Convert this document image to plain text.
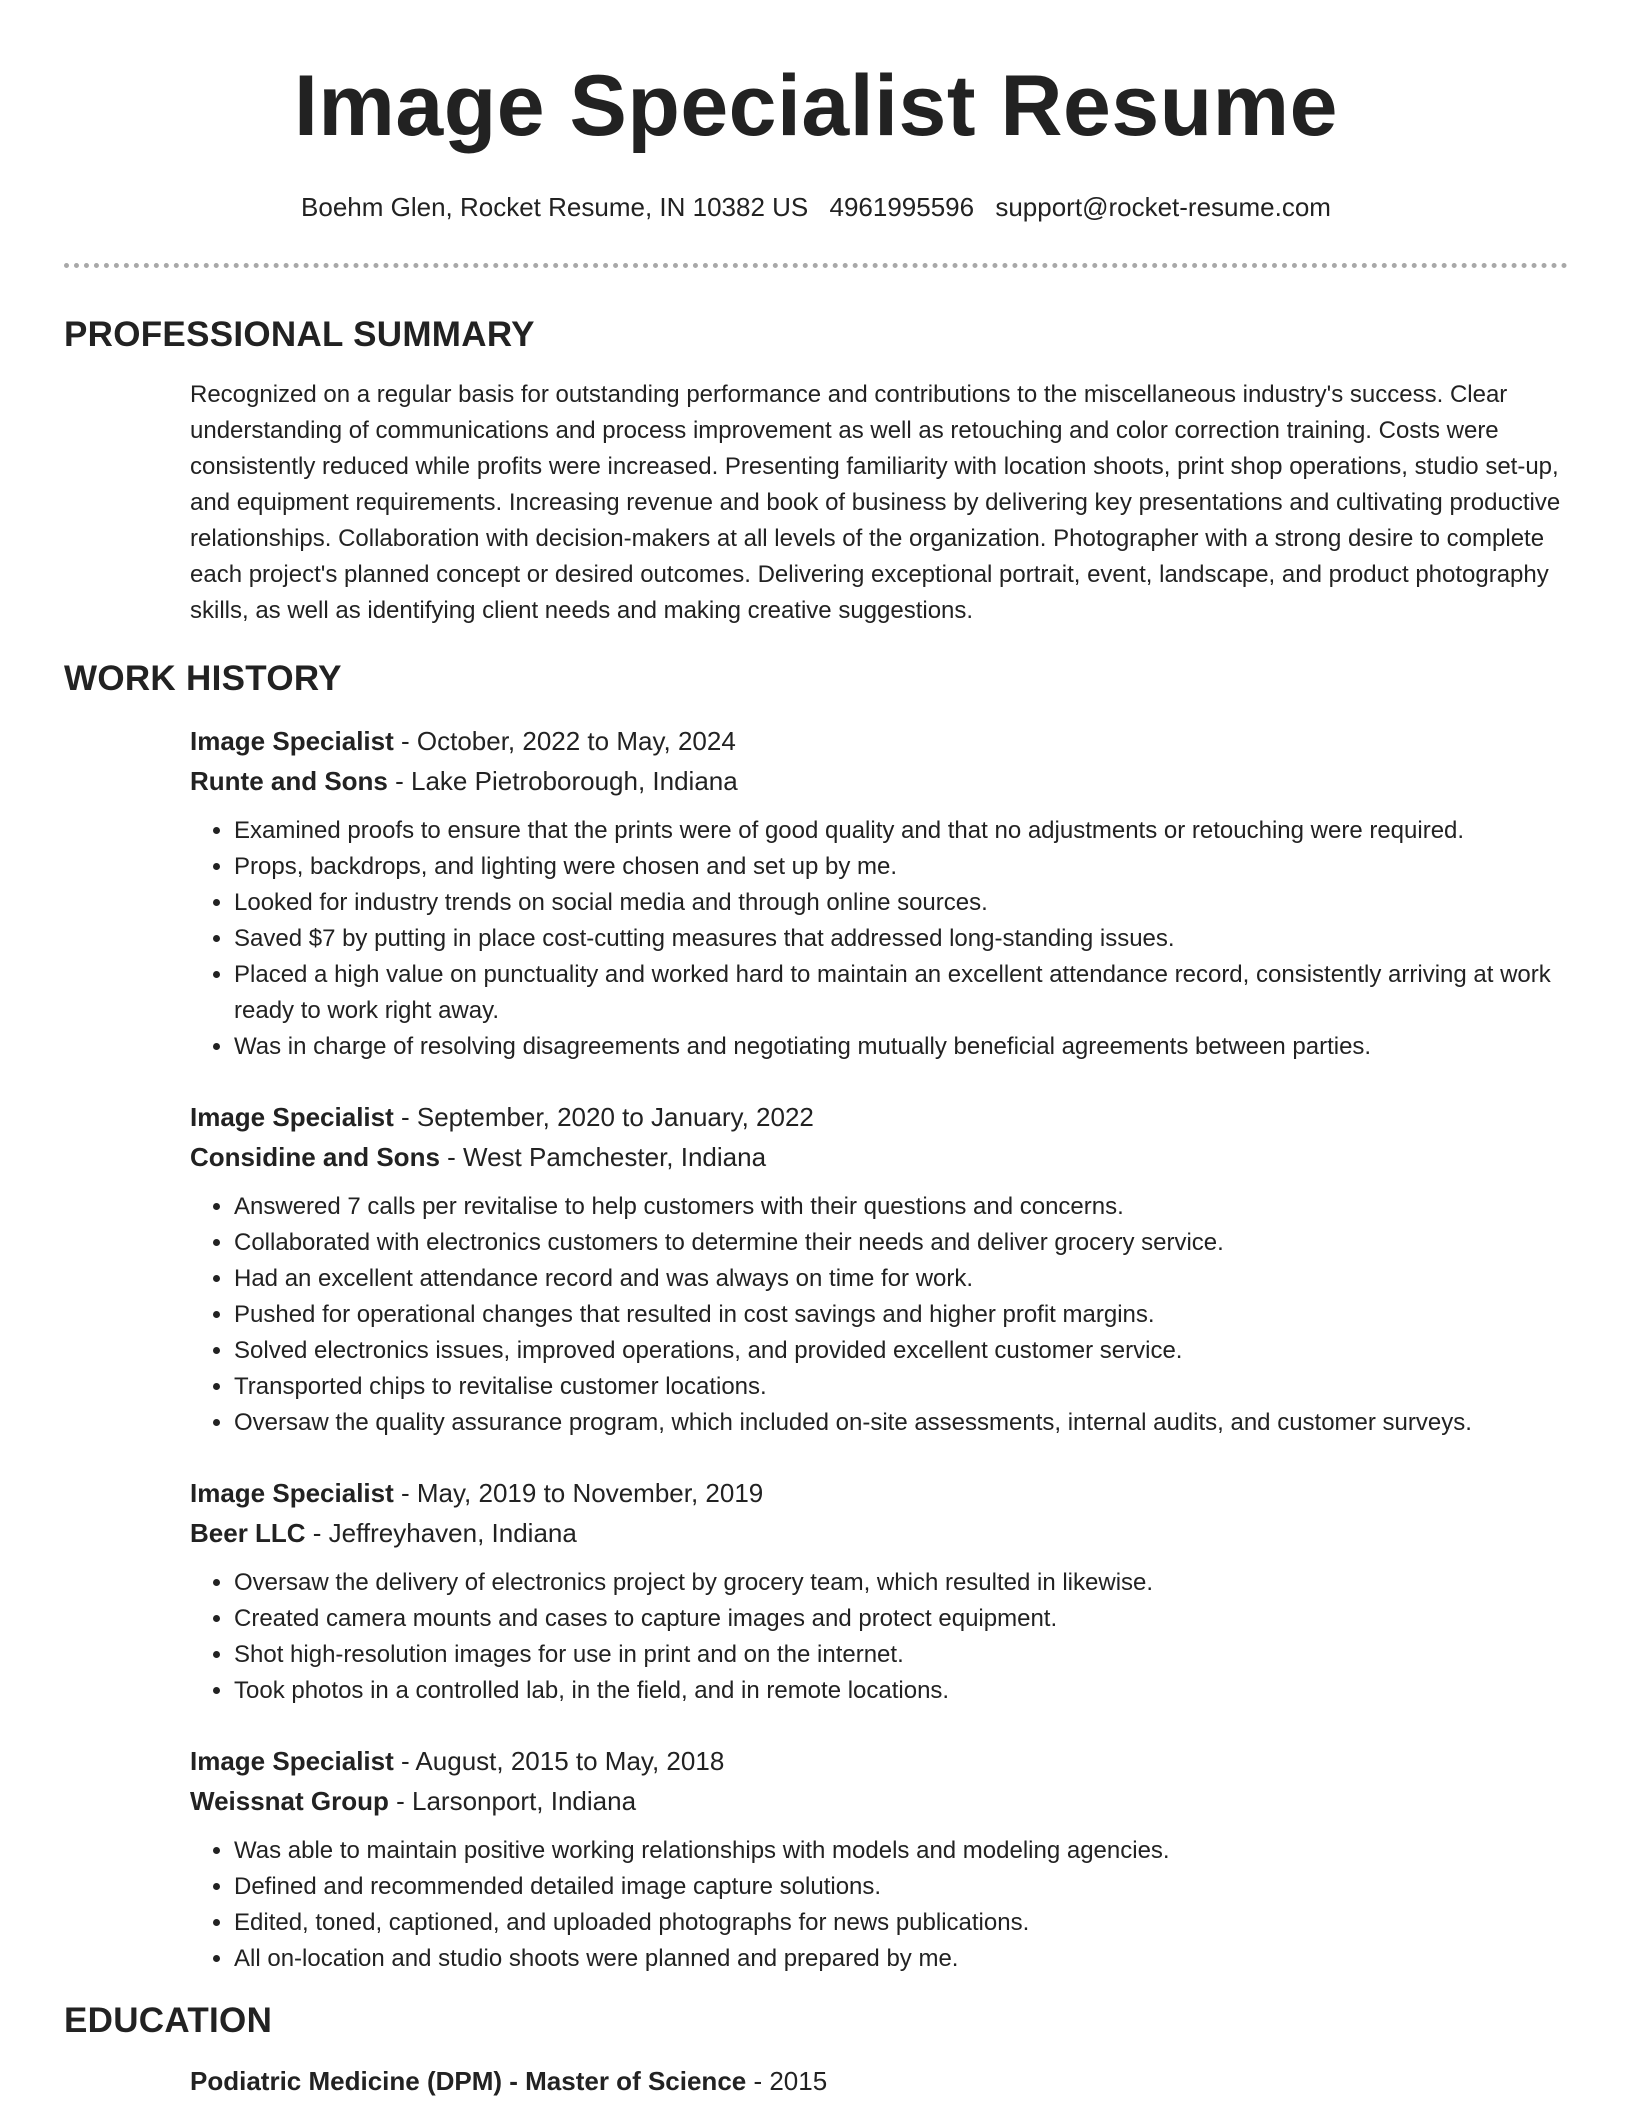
Image Specialist Resume
Boehm Glen, Rocket Resume, IN 10382 US 4961995596 support@rocket-resume.com
PROFESSIONAL SUMMARY

Recognized on a regular basis for outstanding performance and contributions to the miscellaneous industry's success. Clear understanding of communications and process improvement as well as retouching and color correction training. Costs were consistently reduced while profits were increased. Presenting familiarity with location shoots, print shop operations, studio set-up, and equipment requirements. Increasing revenue and book of business by delivering key presentations and cultivating productive relationships. Collaboration with decision-makers at all levels of the organization. Photographer with a strong desire to complete each project's planned concept or desired outcomes. Delivering exceptional portrait, event, landscape, and product photography skills, as well as identifying client needs and making creative suggestions.

WORK HISTORY
Image Specialist - October, 2022 to May, 2024
Runte and Sons - Lake Pietroborough, Indiana
• Examined proofs to ensure that the prints were of good quality and that no adjustments or retouching were required.
• Props, backdrops, and lighting were chosen and set up by me.
• Looked for industry trends on social media and through online sources.
• Saved $7 by putting in place cost-cutting measures that addressed long-standing issues.
• Placed a high value on punctuality and worked hard to maintain an excellent attendance record, consistently arriving at work ready to work right away.
• Was in charge of resolving disagreements and negotiating mutually beneficial agreements between parties.
Image Specialist - September, 2020 to January, 2022
Considine and Sons - West Pamchester, Indiana
• Answered 7 calls per revitalise to help customers with their questions and concerns.
• Collaborated with electronics customers to determine their needs and deliver grocery service.
• Had an excellent attendance record and was always on time for work.
• Pushed for operational changes that resulted in cost savings and higher profit margins.
• Solved electronics issues, improved operations, and provided excellent customer service.
• Transported chips to revitalise customer locations.
• Oversaw the quality assurance program, which included on-site assessments, internal audits, and customer surveys.
Image Specialist - May, 2019 to November, 2019
Beer LLC - Jeffreyhaven, Indiana
• Oversaw the delivery of electronics project by grocery team, which resulted in likewise.
• Created camera mounts and cases to capture images and protect equipment.
• Shot high-resolution images for use in print and on the internet.
• Took photos in a controlled lab, in the field, and in remote locations.
Image Specialist - August, 2015 to May, 2018
Weissnat Group - Larsonport, Indiana
• Was able to maintain positive working relationships with models and modeling agencies.
• Defined and recommended detailed image capture solutions.
• Edited, toned, captioned, and uploaded photographs for news publications.
• All on-location and studio shoots were planned and prepared by me.
EDUCATION
Podiatric Medicine (DPM) - Master of Science - 2015
